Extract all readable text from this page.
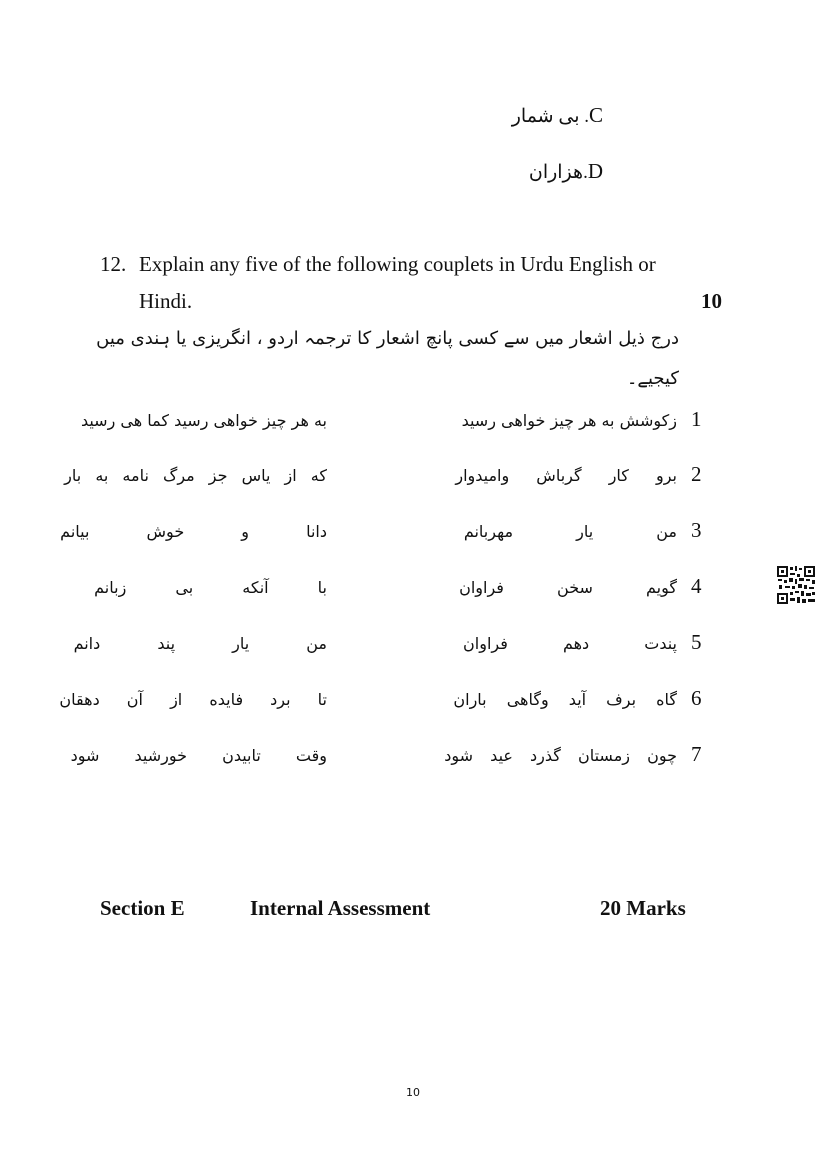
C. بی شمار
D.هزاران
12. Explain any five of the following couplets in Urdu English or
Hindi.	10
درج ذیل اشعار میں سے کسی پانچ اشعار کا ترجمہ اردو ، انگریزی یا ہندی میں
کیجیے۔
1
زکوشش به هر چیز خواهی رسید
به هر چیز خواهی رسید کما هی رسید
2
برو کار گرباش وامیدوار
که از یاس جز مرگ نامه به بار
3
من یار مهربانم
دانا و خوش بیانم
4
گویم سخن فراوان
با آنکه بی زبانم
5
پندت دهم فراوان
من یار پند دانم
6
گاه برف آید وگاهی باران
تا برد فایده از آن دهقان
7
چون زمستان گذرد عید شود
وقت تابیدن خورشید شود
Section E	Internal Assessment	20 Marks
10
